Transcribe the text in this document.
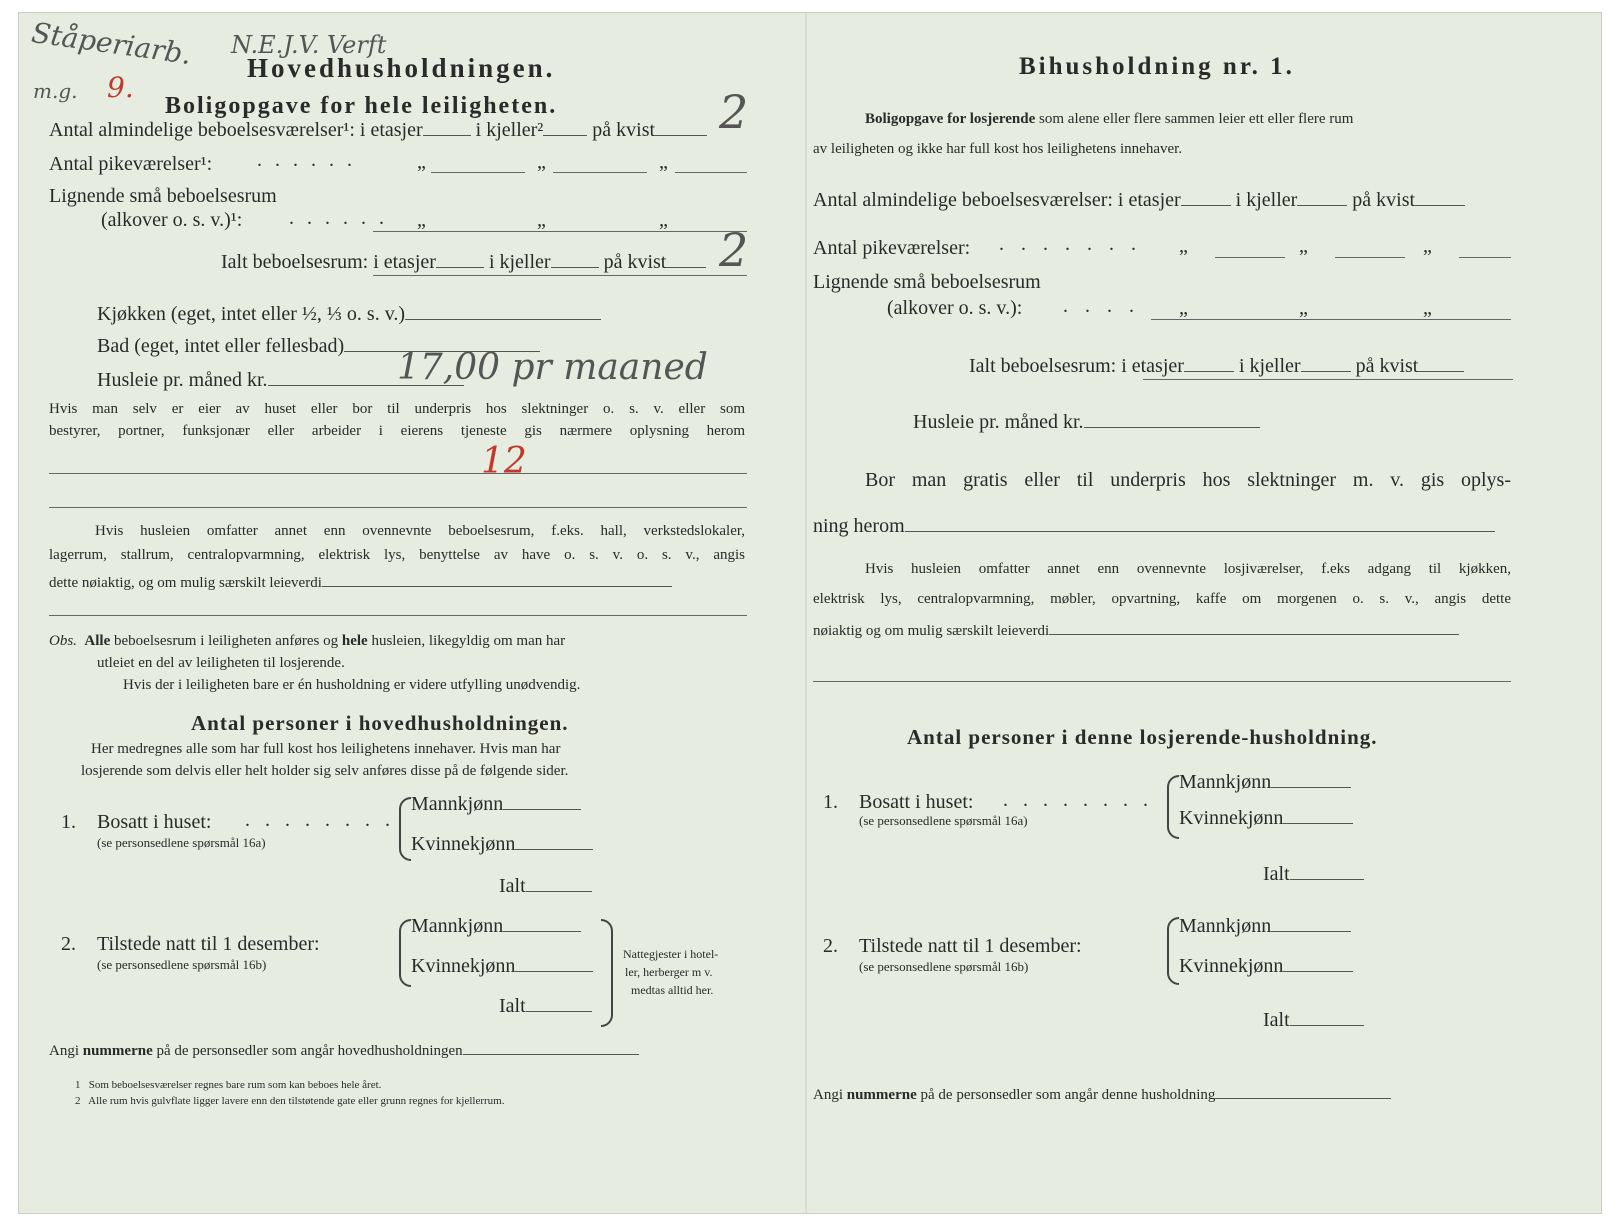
Ståperiarb.
m.g. 9.
N.E.J.V. Verft
Hovedhusholdningen.
Boligopgave for hele leiligheten.
Antal almindelige beboelsesværelser¹: i etasjer	i kjeller² på kvist	2
Antal pikeværelser¹: . . . . . .	„	„	„
Lignende små beboelsesrum
(alkover o. s. v.)¹: . . . . . . „	„	„
Ialt beboelsesrum: i etasjer	i kjeller	på kvist	2
Kjøkken (eget, intet eller ½, ⅓ o. s. v.)
Bad (eget, intet eller fellesbad)
Husleie pr. måned kr.	17,00 pr maaned
Hvis man selv er eier av huset eller bor til underpris hos slektninger o. s. v. eller som
bestyrer, portner, funksjonær eller arbeider i eierens tjeneste gis nærmere oplysning herom
12
Hvis husleien omfatter annet enn ovennevnte beboelsesrum, f.eks. hall, verkstedslokaler,
lagerrum, stallrum, centralopvarmning, elektrisk lys, benyttelse av have o. s. v. o. s. v., angis
dette nøiaktig, og om mulig særskilt leieverdi
Obs. Alle beboelsesrum i leiligheten anføres og hele husleien, likegyldig om man har
utleiet en del av leiligheten til losjerende.
Hvis der i leiligheten bare er én husholdning er videre utfylling unødvendig.
Antal personer i hovedhusholdningen.
Her medregnes alle som har full kost hos leilighetens innehaver. Hvis man har
losjerende som delvis eller helt holder sig selv anføres disse på de følgende sider.
1. Bosatt i huset: . . . . . . . .
(se personsedlene spørsmål 16a)
Mannkjønn
Kvinnekjønn
Ialt
2. Tilstede natt til 1 desember:
(se personsedlene spørsmål 16b)
Mannkjønn
Kvinnekjønn
Ialt
Nattegjester i hotel-
ler, herberger m v.
medtas alltid her.
Angi nummerne på de personsedler som angår hovedhusholdningen
1 Som beboelsesværelser regnes bare rum som kan beboes hele året.
2 Alle rum hvis gulvflate ligger lavere enn den tilstøtende gate eller grunn regnes for kjellerrum.
Bihusholdning nr. 1.
Boligopgave for losjerende som alene eller flere sammen leier ett eller flere rum
av leiligheten og ikke har full kost hos leilighetens innehaver.
Antal almindelige beboelsesværelser: i etasjer	i kjeller	på kvist
Antal pikeværelser: . . . . . . . „	„	„
Lignende små beboelsesrum
(alkover o. s. v.): . . . . „	„	„
Ialt beboelsesrum: i etasjer	i kjeller	på kvist
Husleie pr. måned kr.
Bor man gratis eller til underpris hos slektninger m. v. gis oplys-
ning herom
Hvis husleien omfatter annet enn ovennevnte losjiværelser, f.eks adgang til kjøkken,
elektrisk lys, centralopvarmning, møbler, opvartning, kaffe om morgenen o. s. v., angis dette
nøiaktig og om mulig særskilt leieverdi
Antal personer i denne losjerende-husholdning.
1. Bosatt i huset: . . . . . . . .
(se personsedlene spørsmål 16a)
Mannkjønn
Kvinnekjønn
Ialt
2. Tilstede natt til 1 desember:
(se personsedlene spørsmål 16b)
Mannkjønn
Kvinnekjønn
Ialt
Angi nummerne på de personsedler som angår denne husholdning
